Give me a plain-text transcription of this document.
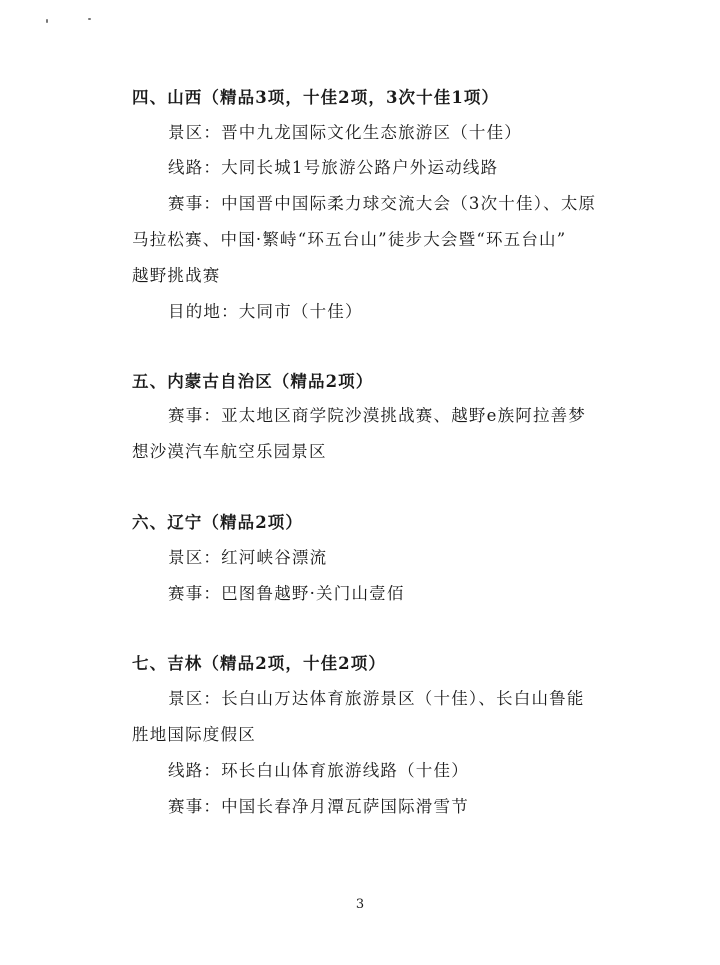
四、山西（精品3项，十佳2项，3次十佳1项）
景区：晋中九龙国际文化生态旅游区（十佳）
线路：大同长城1号旅游公路户外运动线路
赛事：中国晋中国际柔力球交流大会（3次十佳）、太原
马拉松赛、中国·繁峙“环五台山”徒步大会暨“环五台山”
越野挑战赛
目的地：大同市（十佳）
五、内蒙古自治区（精品2项）
赛事：亚太地区商学院沙漠挑战赛、越野e族阿拉善梦
想沙漠汽车航空乐园景区
六、辽宁（精品2项）
景区：红河峡谷漂流
赛事：巴图鲁越野·关门山壹佰
七、吉林（精品2项，十佳2项）
景区：长白山万达体育旅游景区（十佳）、长白山鲁能
胜地国际度假区
线路：环长白山体育旅游线路（十佳）
赛事：中国长春净月潭瓦萨国际滑雪节
3
